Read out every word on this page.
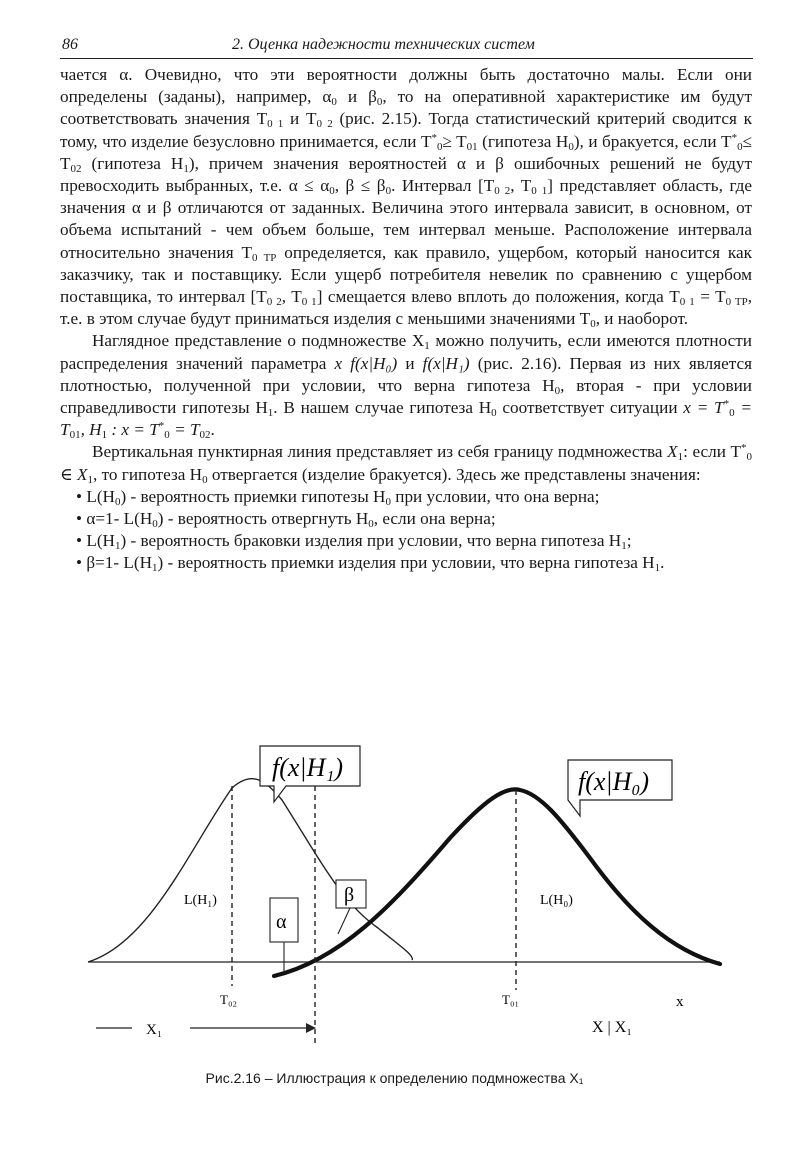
86	2. Оценка надежности технических систем

чается α. Очевидно, что эти вероятности должны быть достаточно малы. Если они определены (заданы), например, $\alpha_0$ и $\beta_0$, то на оперативной характеристике им будут соответствовать значения $T_{0 1}$ и $T_{0 2}$ (рис. 2.15). Тогда статистический критерий сводится к тому, что изделие безусловно принимается, если $T^*_0\ge T_{01}$ (гипотеза $H_0$), и бракуется, если $T^*_0\le T_{02}$ (гипотеза $H_1$), причем значения вероятностей α и β ошибочных решений не будут превосходить выбранных, т.е. $\alpha \le \alpha_0$, $\beta \le \beta_0$. Интервал [$T_{0 2}$, $T_{0 1}$] представляет область, где значения α и β отличаются от заданных. Величина этого интервала зависит, в основном, от объема испытаний - чем объем больше, тем интервал меньше. Расположение интервала относительно значения $T_{0 TP}$ определяется, как правило, ущербом, который наносится как заказчику, так и поставщику. Если ущерб потребителя невелик по сравнению с ущербом поставщика, то интервал [$T_{0 2}$, $T_{0 1}$] смещается влево вплоть до положения, когда $T_{0 1} = T_{0 TP}$, т.е. в этом случае будут приниматься изделия с меньшими значениями $T_0$, и наоборот.

Наглядное представление о подмножестве $X_1$ можно получить, если имеются плотности распределения значений параметра x f(x|H₀) и f(x|H₁) (рис. 2.16). Первая из них является плотностью, полученной при условии, что верна гипотеза $H_0$, вторая - при условии справедливости гипотезы $H_1$. В нашем случае гипотеза $H_0$ соответствует ситуации $x = T^*_0 = T_{01}$, $H_1$ : $x = T^*_0 = T_{02}$.

Вертикальная пунктирная линия представляет из себя границу подмножества $X_1$: если $T^*_0$ ∈ $X_1$, то гипотеза $H_0$ отвергается (изделие бракуется). Здесь же представлены значения:

• $L(H_0)$ - вероятность приемки гипотезы $H_0$ при условии, что она верна;

• α=1- $L(H_0)$ - вероятность отвергнуть $H_0$, если она верна;

• $L(H_1)$ - вероятность браковки изделия при условии, что верна гипотеза $H_1$;

• β=1- $L(H_1)$ - вероятность приемки изделия при условии, что верна гипотеза $H_1$.

f(x|H₁)	f(x|H₀)
α
β
L(H₁)	L(H₀)
T₀₂	T₀₁	x
X₁	X | X₁
Рис.2.16 – Иллюстрация к определению подмножества X₁
